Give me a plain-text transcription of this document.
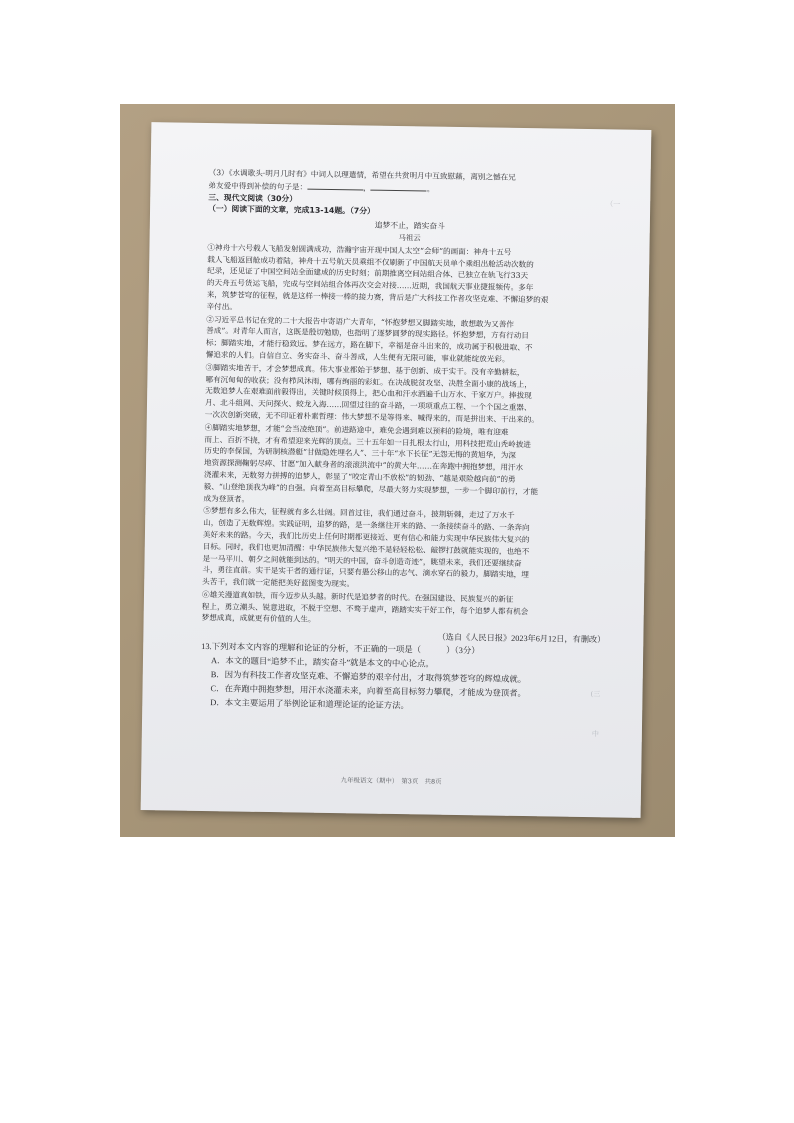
（一
(三
中

（3）《水调歌头·明月几时有》中词人以理遣情，希望在共赏明月中互致慰藉，离别之憾在兄

弟友爱中得到补偿的句子是：	，	。

三、现代文阅读（30分）

（一）阅读下面的文章，完成13-14题。（7分）

追梦不止，踏实奋斗

马祖云

①神舟十六号载人飞船发射圆满成功，浩瀚宇宙开现中国人太空“会师”的画面：神舟十五号

载人飞船返回舱成功着陆，神舟十五号航天员乘组不仅刷新了中国航天员单个乘组出舱活动次数的

纪录，还见证了中国空间站全面建成的历史时刻；前期推离空间站组合体、已独立在轨飞行33天

的天舟五号货运飞船，完成与空间站组合体再次交会对接……近期，我国航天事业捷报频传。多年

来，筑梦苍穹的征程，就是这样一棒接一棒的接力赛，背后是广大科技工作者攻坚克难、不懈追梦的艰

辛付出。

②习近平总书记在党的二十大报告中寄语广大青年，“怀抱梦想又脚踏实地，敢想敢为又善作

善成”。对青年人而言，这既是殷切勉励，也指明了逐梦圆梦的现实路径。怀抱梦想，方有行动目

标；脚踏实地，才能行稳致远。梦在远方，路在脚下，幸福是奋斗出来的，成功属于积极进取、不

懈追求的人们。自信自立、务实奋斗、奋斗善成，人生便有无限可能，事业就能绽放光彩。

③脚踏实地苦干，才会梦想成真。伟大事业都始于梦想、基于创新、成于实干。没有辛勤耕耘，

哪有沉甸甸的收获；没有栉风沐雨，哪有绚丽的彩虹。在决战脱贫攻坚、决胜全面小康的战场上，

无数追梦人在艰难面前毅得出，关键时候顶得上，把心血和汗水洒遍千山万水、千家万户。捧拔现

月、北斗组网、天问探火、蛟龙入海……回望过往的奋斗路，一项项重点工程、一个个国之重器、

一次次创新突破，无不印证着朴素哲理：伟大梦想不是等得来、喊得来的，而是拼出来、干出来的。

④脚踏实地梦想，才能“会当凌绝顶”。前进路途中，难免会遇到难以预料的险境，唯有迎难

而上、百折不挠，才有希望迎来光辉的顶点。三十五年如一日扎根太行山，用科技把荒山秃岭披进

历史的李保国，为研制核潜艇“甘做隐姓埋名人”、三十年“水下长征”无怨无悔的黄旭华，为深

地资源探测鞠躬尽瘁、甘愿“加入献身者的滚滚洪流中”的黄大年……在奔跑中拥抱梦想，用汗水

浇灌未来，无数努力拼搏的追梦人，彰显了“咬定青山不放松”的韧劲、“越是艰险越向前”的勇

毅、“山登绝顶我为峰”的自强。向着至高目标攀爬，尽最大努力实现梦想，一步一个脚印前行，才能

成为登顶者。

⑤梦想有多么伟大，征程就有多么壮阔。回首过往，我们通过奋斗，披荆斩棘，走过了万水千

山，创造了无数辉煌。实践证明，追梦的路，是一条继往开来的路、一条接续奋斗的路、一条奔向

美好未来的路。今天，我们比历史上任何时期都更接近、更有信心和能力实现中华民族伟大复兴的

目标。同时，我们也更加清醒：中华民族伟大复兴绝不是轻轻松松、敲锣打鼓就能实现的，也绝不

是一马平川、朝夕之间就能到达的。“明天的中国，奋斗创造奇迹”，眺望未来，我们还要继续奋

斗，勇往直前。实干是实干者的通行证，只要有愚公移山的志气、滴水穿石的毅力，脚踏实地，埋

头苦干，我们就一定能把美好蓝图变为现实。

⑥雄关漫道真如铁，而今迈步从头越。新时代是追梦者的时代。在强国建设、民族复兴的新征

程上，勇立潮头、锐意进取，不脱于空想、不骛于虚声，踏踏实实干好工作，每个追梦人都有机会

梦想成真，成就更有价值的人生。

（选自《人民日报》2023年6月12日，有删改）

13.下列对本文内容的理解和论证的分析，不正确的一项是（　　　）（3分）

A．本文的题目“追梦不止，踏实奋斗”就是本文的中心论点。

B．因为有科技工作者攻坚克难、不懈追梦的艰辛付出，才取得筑梦苍穹的辉煌成就。

C．在奔跑中拥抱梦想，用汗水浇灌未来，向着至高目标努力攀爬，才能成为登顶者。

D．本文主要运用了举例论证和道理论证的论证方法。

九年级语文（期中）　第3页　共8页
